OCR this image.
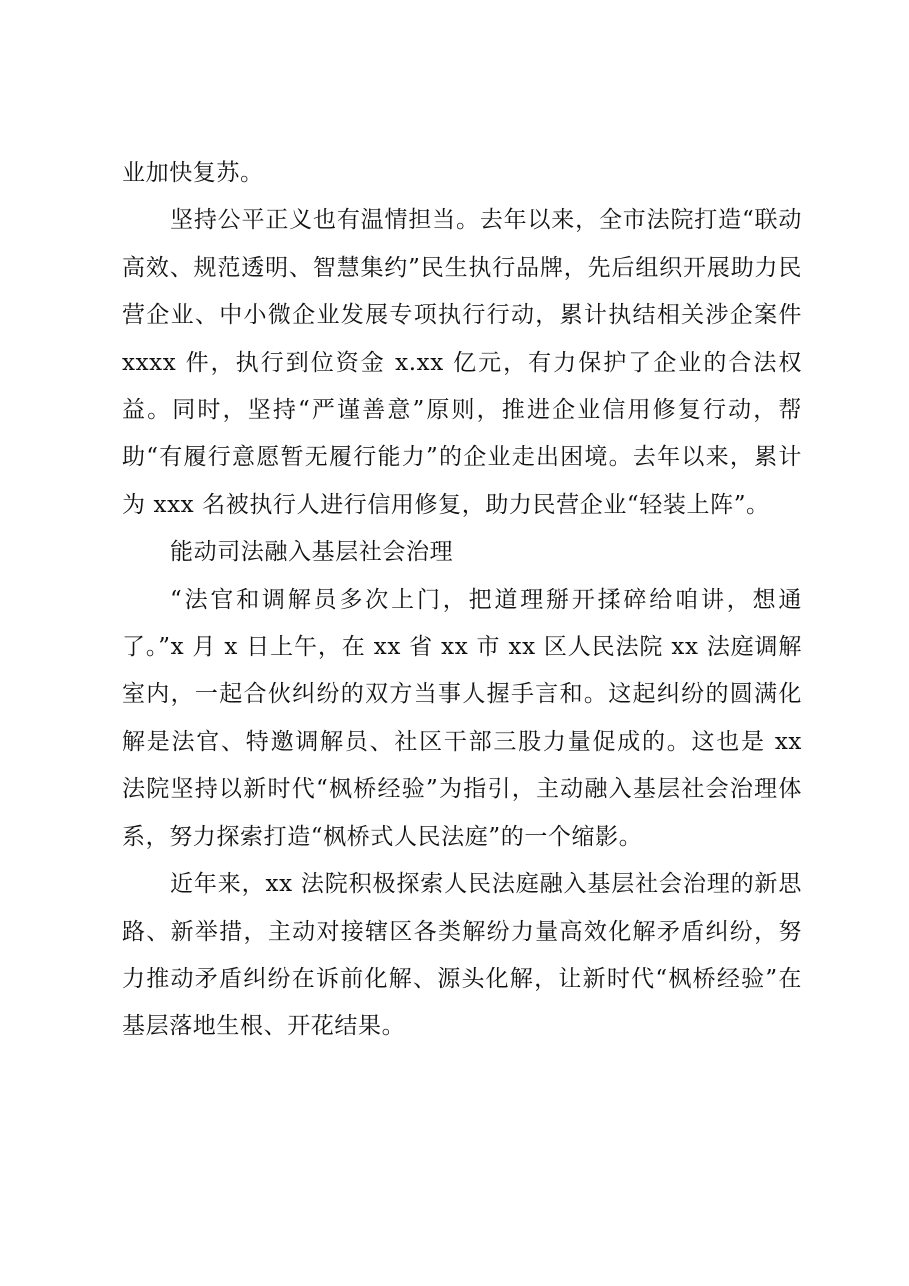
业加快复苏。

坚持公平正义也有温情担当。去年以来，全市法院打造“联动高效、规范透明、智慧集约”民生执行品牌，先后组织开展助力民营企业、中小微企业发展专项执行行动，累计执结相关涉企案件 xxxx 件，执行到位资金 x.xx 亿元，有力保护了企业的合法权益。同时，坚持“严谨善意”原则，推进企业信用修复行动，帮助“有履行意愿暂无履行能力”的企业走出困境。去年以来，累计为 xxx 名被执行人进行信用修复，助力民营企业“轻装上阵”。

能动司法融入基层社会治理

“法官和调解员多次上门，把道理掰开揉碎给咱讲，想通了。”x 月 x 日上午，在 xx 省 xx 市 xx 区人民法院 xx 法庭调解室内，一起合伙纠纷的双方当事人握手言和。这起纠纷的圆满化解是法官、特邀调解员、社区干部三股力量促成的。这也是 xx 法院坚持以新时代“枫桥经验”为指引，主动融入基层社会治理体系，努力探索打造“枫桥式人民法庭”的一个缩影。

近年来，xx 法院积极探索人民法庭融入基层社会治理的新思路、新举措，主动对接辖区各类解纷力量高效化解矛盾纠纷，努力推动矛盾纠纷在诉前化解、源头化解，让新时代“枫桥经验”在基层落地生根、开花结果。
